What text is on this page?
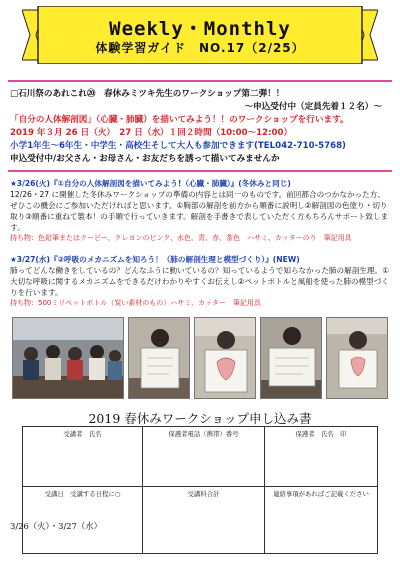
Weekly・Monthly
体験学習ガイド　NO.17（2/25）
□石川祭のあれこれ⑳　春休みミツキ先生のワークショップ第二弾！！
～申込受付中（定員先着１２名）～
「自分の人体解剖図」（心臓・肺臓）を描いてみよう！！のワークショップを行います。
2019 年３月 26 日（火）　27 日（水）１回２時間（10:00～12:00）
小学1年生～6年生・中学生・高校生そして大人も参加できます(TEL042-710-5768)
申込受付中/お父さん・お母さん・お友だちを誘って描いてみませんか
★3/26(火)『①自分の人体解剖図を描いてみよう!（心臓・肺臓）』(冬休みと同じ)
12/26・27 に開催した冬休みワークショップの準備の内容とは同一のものです。前回都合のつかなかった方、ぜひこの機会にご参加いただければと思います。①胸部の解剖を前方から順番に説明し②解剖図の色塗り・切り取り③順番に重ねて製本！の手順で行っていきます。解剖を手書きで表していただく方もちろんサポート致します。
持ち物：色鉛筆またはクーピー、クレヨンのピンク、水色、青、赤、茶色　ハサミ、カッターのり　筆記用具
★3/27(水)『②呼吸のメカニズムを知ろう！（肺の解剖生理と模型づくり）』(NEW)
肺ってどんな働きをしているの？どんなふうに動いているの？知っているようで知らなかった肺の解剖生理。①大切な呼吸に関するメカニズムをできるだけわかりやすくお伝えし②ペットボトルと風船を使った肺の模型づくりを行います。
持ち物：500ミリペットボトル（炭い素材のもの）ハサミ、カッター　筆記用具
2019 春休みワークショップ申し込み書
受講者　氏名	保護者電話（携帯）番号	保護者　氏名　印
受講日　受講する日程に○	受講料合計	連絡事項があればご記載ください
3/26（火）・3/27（水）
